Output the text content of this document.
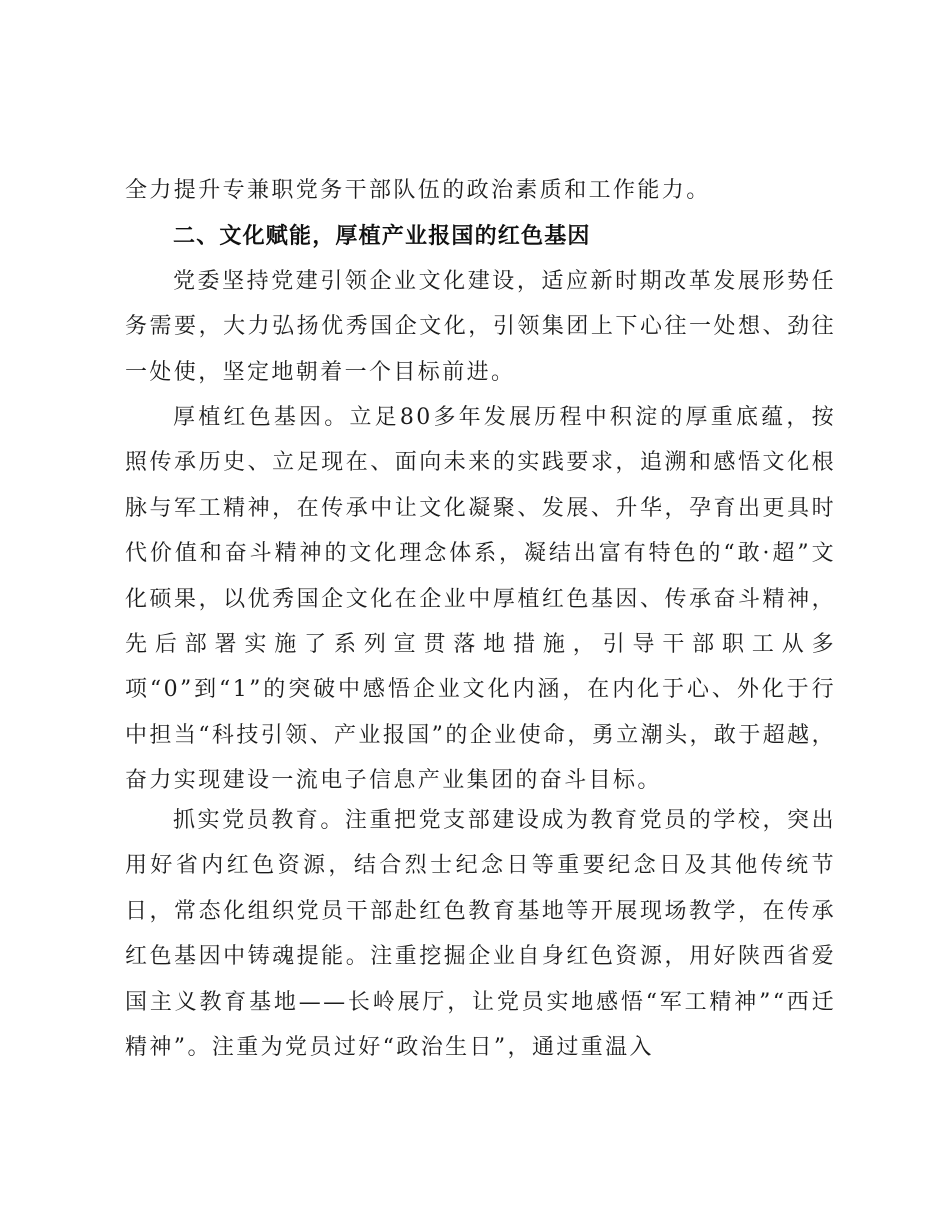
全力提升专兼职党务干部队伍的政治素质和工作能力。

二、文化赋能，厚植产业报国的红色基因

党委坚持党建引领企业文化建设，适应新时期改革发展形势任务需要，大力弘扬优秀国企文化，引领集团上下心往一处想、劲往一处使，坚定地朝着一个目标前进。

厚植红色基因。立足80多年发展历程中积淀的厚重底蕴，按照传承历史、立足现在、面向未来的实践要求，追溯和感悟文化根脉与军工精神，在传承中让文化凝聚、发展、升华，孕育出更具时代价值和奋斗精神的文化理念体系，凝结出富有特色的“敢·超”文化硕果，以优秀国企文化在企业中厚植红色基因、传承奋斗精神，先后部署实施了系列宣贯落地措施，引导干部职工从多项“0”到“1”的突破中感悟企业文化内涵，在内化于心、外化于行中担当“科技引领、产业报国”的企业使命，勇立潮头，敢于超越，奋力实现建设一流电子信息产业集团的奋斗目标。

抓实党员教育。注重把党支部建设成为教育党员的学校，突出用好省内红色资源，结合烈士纪念日等重要纪念日及其他传统节日，常态化组织党员干部赴红色教育基地等开展现场教学，在传承红色基因中铸魂提能。注重挖掘企业自身红色资源，用好陕西省爱国主义教育基地——长岭展厅，让党员实地感悟“军工精神”“西迁精神”。注重为党员过好“政治生日”，通过重温入
